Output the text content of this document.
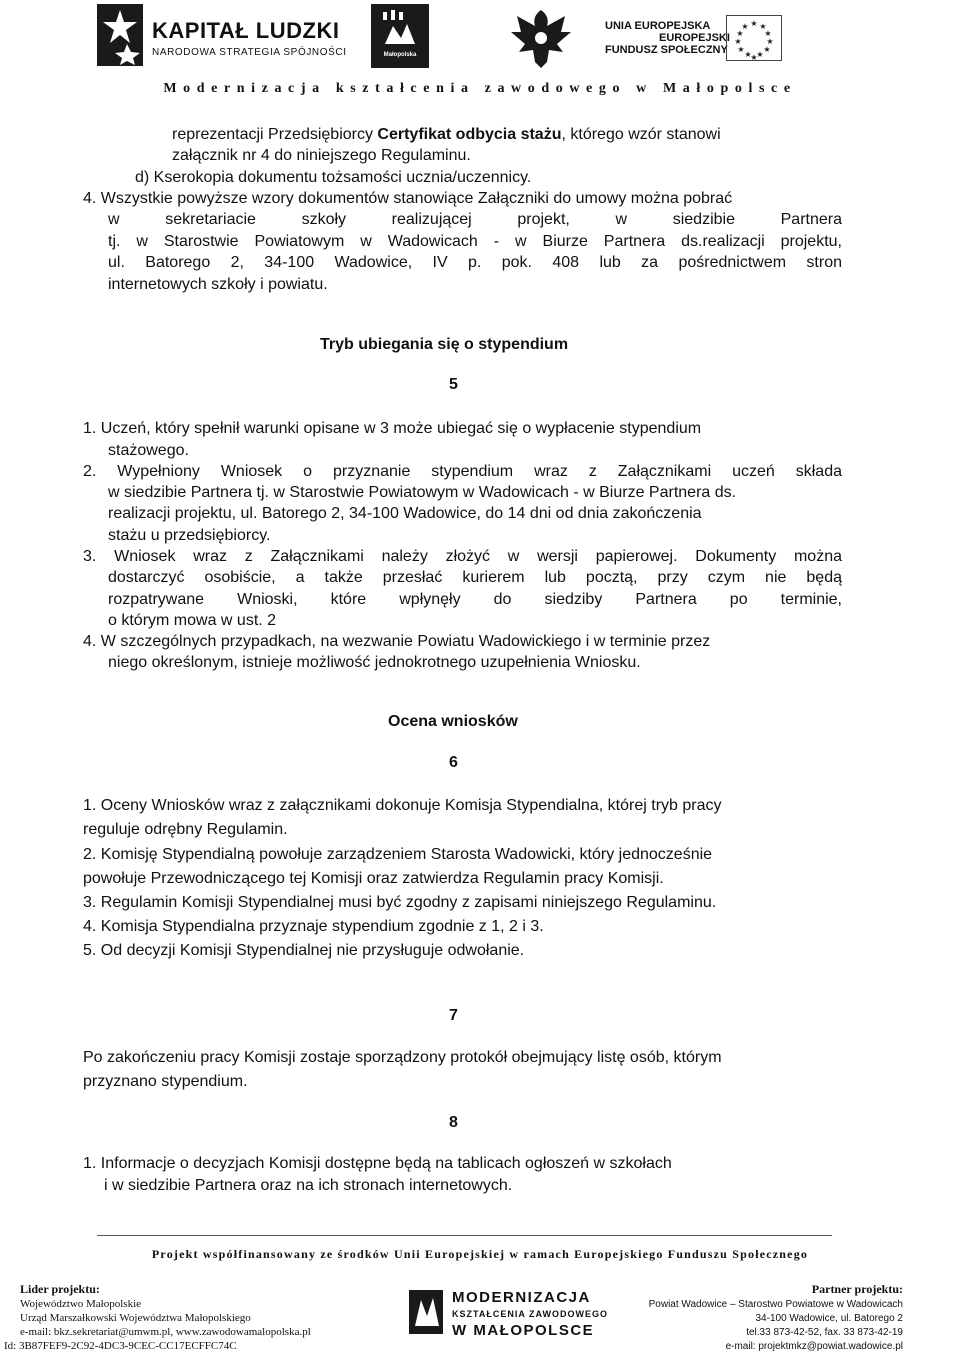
KAPITAŁ LUDZKI
NARODOWA STRATEGIA SPÓJNOŚCI	Małopolska
UNIA EUROPEJSKA
EUROPEJSKI
FUNDUSZ SPOŁECZNY
★ ★
★
★
★
★
★
★
★
★
★
★
Modernizacja kształcenia zawodowego w Małopolsce
reprezentacji Przedsiębiorcy Certyfikat odbycia stażu, którego wzór stanowi
załącznik nr 4 do niniejszego Regulaminu.
d) Kserokopia dokumentu tożsamości ucznia/uczennicy.
4. Wszystkie powyższe wzory dokumentów stanowiące Załączniki do umowy można pobrać
w sekretariacie szkoły realizującej projekt, w siedzibie Partnera
tj. w Starostwie Powiatowym w Wadowicach - w Biurze Partnera ds.realizacji projektu,
ul. Batorego 2, 34-100 Wadowice, IV p. pok. 408 lub za pośrednictwem stron
internetowych szkoły i powiatu.
Tryb ubiegania się o stypendium
5
1. Uczeń, który spełnił warunki opisane w 3 może ubiegać się o wypłacenie stypendium
stażowego.
2. Wypełniony Wniosek o przyznanie stypendium wraz z Załącznikami uczeń składa
w siedzibie Partnera tj. w Starostwie Powiatowym w Wadowicach - w Biurze Partnera ds.
realizacji projektu, ul. Batorego 2, 34-100 Wadowice, do 14 dni od dnia zakończenia
stażu u przedsiębiorcy.
3. Wniosek wraz z Załącznikami należy złożyć w wersji papierowej. Dokumenty można
dostarczyć osobiście, a także przesłać kurierem lub pocztą, przy czym nie będą
rozpatrywane Wnioski, które wpłynęły do siedziby Partnera po terminie,
o którym mowa w ust. 2
4. W szczególnych przypadkach, na wezwanie Powiatu Wadowickiego i w terminie przez
niego określonym, istnieje możliwość jednokrotnego uzupełnienia Wniosku.
Ocena wniosków
6
1. Oceny Wniosków wraz z załącznikami dokonuje Komisja Stypendialna, której tryb pracy
reguluje odrębny Regulamin.
2. Komisję Stypendialną powołuje zarządzeniem Starosta Wadowicki, który jednocześnie
powołuje Przewodniczącego tej Komisji oraz zatwierdza Regulamin pracy Komisji.
3. Regulamin Komisji Stypendialnej musi być zgodny z zapisami niniejszego Regulaminu.
4. Komisja Stypendialna przyznaje stypendium zgodnie z 1, 2 i 3.
5. Od decyzji Komisji Stypendialnej nie przysługuje odwołanie.
7
Po zakończeniu pracy Komisji zostaje sporządzony protokół obejmujący listę osób, którym
przyznano stypendium.
8
1. Informacje o decyzjach Komisji dostępne będą na tablicach ogłoszeń w szkołach
i w siedzibie Partnera oraz na ich stronach internetowych.
Projekt współfinansowany ze środków Unii Europejskiej w ramach Europejskiego Funduszu Społecznego
Lider projektu:
Województwo Małopolskie
Urząd Marszałkowski Województwa Małopolskiego
e-mail: bkz.sekretariat@umwm.pl, www.zawodowamalopolska.pl
Id: 3B87FEF9-2C92-4DC3-9CEC-CC17ECFFC74C
MODERNIZACJA
KSZTAŁCENIA ZAWODOWEGO
W MAŁOPOLSCE
Partner projektu:
Powiat Wadowice – Starostwo Powiatowe w Wadowicach
34-100 Wadowice, ul. Batorego 2
tel.33 873-42-52, fax. 33 873-42-19
e-mail: projektmkz@powiat.wadowice.pl
